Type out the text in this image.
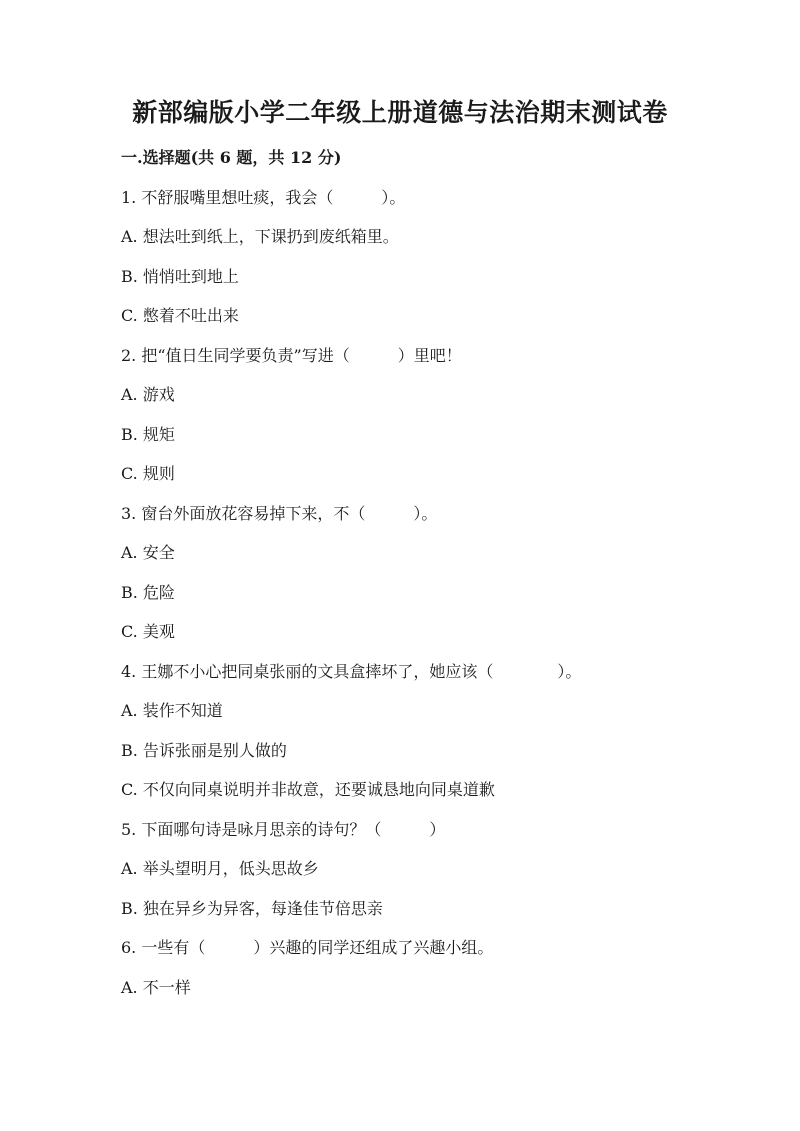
新部编版小学二年级上册道德与法治期末测试卷
一.选择题(共 6 题，共 12 分)
1. 不舒服嘴里想吐痰，我会（　　　）。
A. 想法吐到纸上，下课扔到废纸箱里。
B. 悄悄吐到地上
C. 憋着不吐出来
2. 把“值日生同学要负责”写进（　　　）里吧！
A. 游戏
B. 规矩
C. 规则
3. 窗台外面放花容易掉下来，不（　　　）。
A. 安全
B. 危险
C. 美观
4. 王娜不小心把同桌张丽的文具盒摔坏了，她应该（　　　　）。
A. 装作不知道
B. 告诉张丽是别人做的
C. 不仅向同桌说明并非故意，还要诚恳地向同桌道歉
5. 下面哪句诗是咏月思亲的诗句？（　　　）
A. 举头望明月，低头思故乡
B. 独在异乡为异客，每逢佳节倍思亲
6. 一些有（　　　）兴趣的同学还组成了兴趣小组。
A. 不一样
